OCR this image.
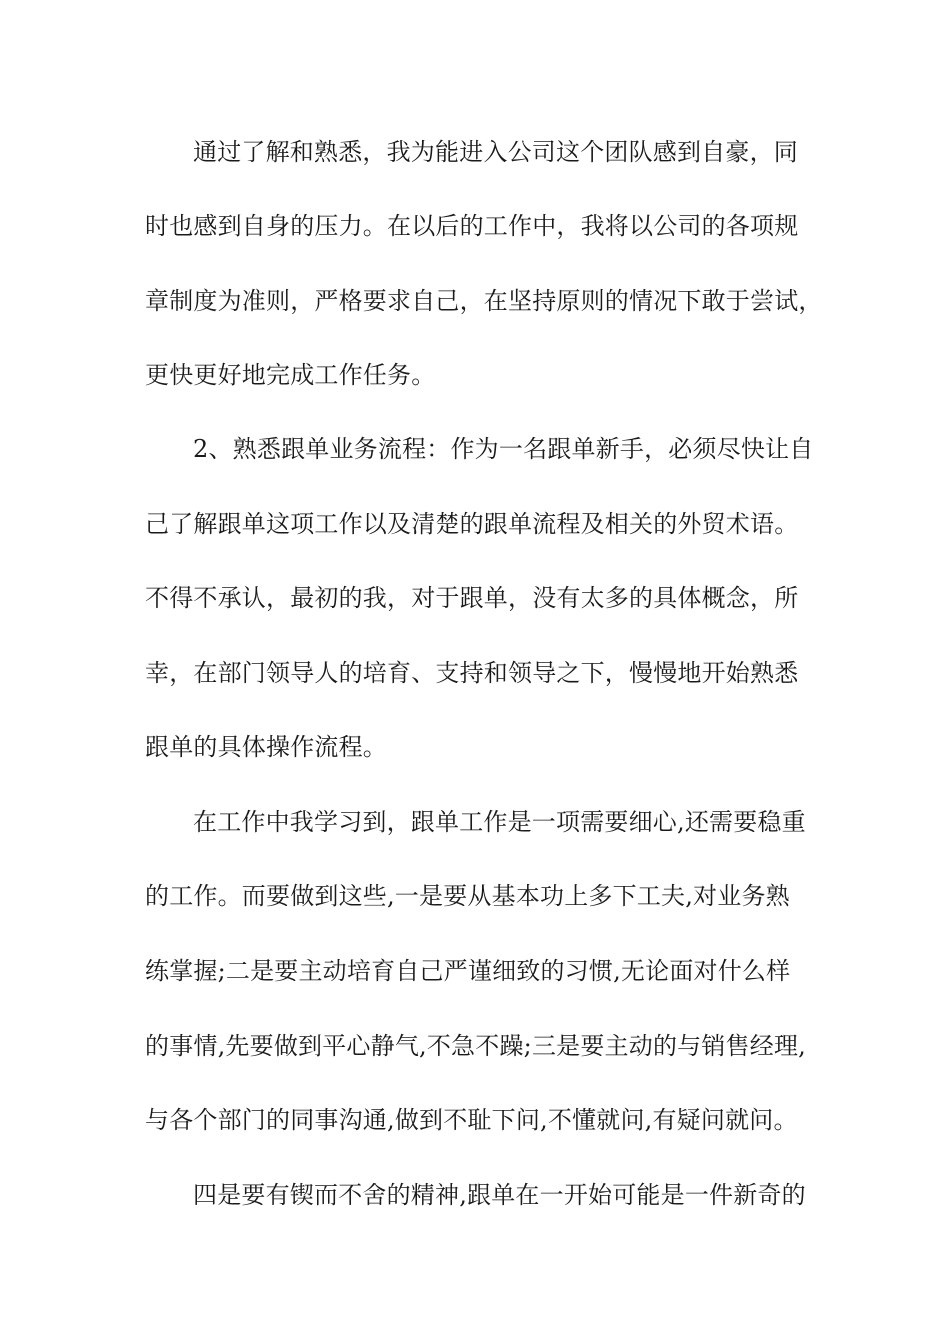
通过了解和熟悉，我为能进入公司这个团队感到自豪，同
时也感到自身的压力。在以后的工作中，我将以公司的各项规
章制度为准则，严格要求自己，在坚持原则的情况下敢于尝试，
更快更好地完成工作任务。
2、熟悉跟单业务流程：作为一名跟单新手，必须尽快让自
己了解跟单这项工作以及清楚的跟单流程及相关的外贸术语。
不得不承认，最初的我，对于跟单，没有太多的具体概念，所
幸，在部门领导人的培育、支持和领导之下，慢慢地开始熟悉
跟单的具体操作流程。
在工作中我学习到，跟单工作是一项需要细心,还需要稳重
的工作。而要做到这些,一是要从基本功上多下工夫,对业务熟
练掌握;二是要主动培育自己严谨细致的习惯,无论面对什么样
的事情,先要做到平心静气,不急不躁;三是要主动的与销售经理,
与各个部门的同事沟通,做到不耻下问,不懂就问,有疑问就问。
四是要有锲而不舍的精神,跟单在一开始可能是一件新奇的
